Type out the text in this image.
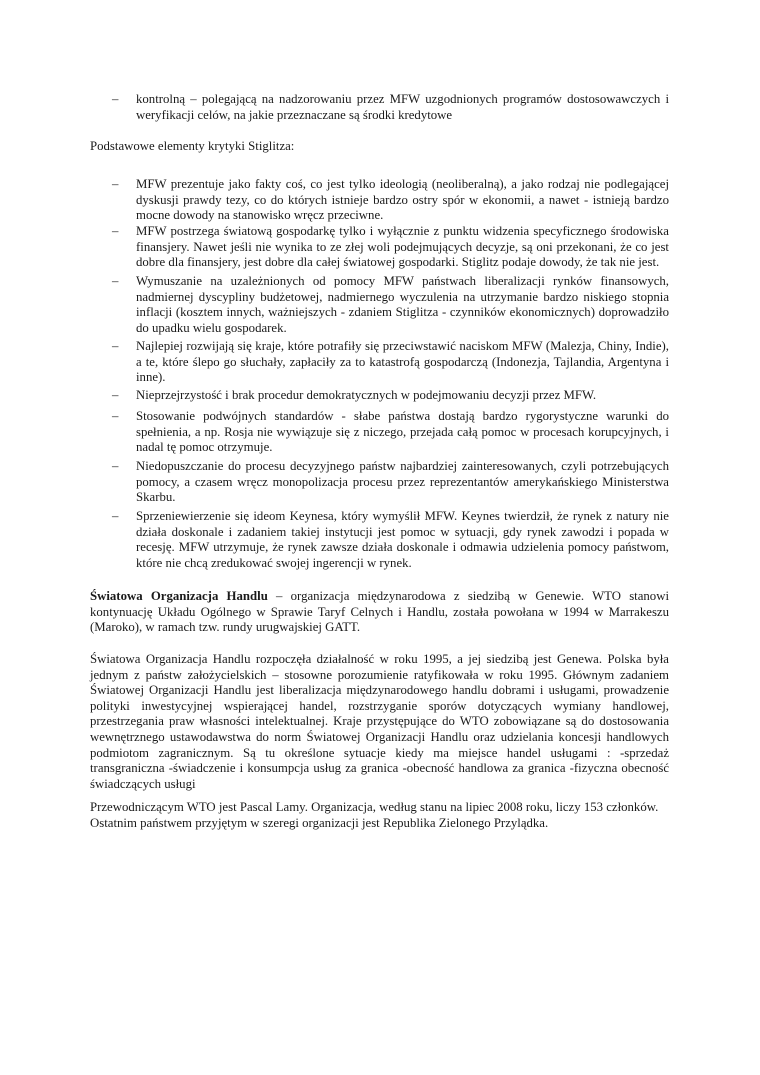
–	kontrolną – polegającą na nadzorowaniu przez MFW uzgodnionych programów dostosowawczych i weryfikacji celów, na jakie przeznaczane są środki kredytowe
Podstawowe elementy krytyki Stiglitza:
–	MFW prezentuje jako fakty coś, co jest tylko ideologią (neoliberalną), a jako rodzaj nie podlegającej dyskusji prawdy tezy, co do których istnieje bardzo ostry spór w ekonomii, a nawet - istnieją bardzo mocne dowody na stanowisko wręcz przeciwne.
–	MFW postrzega światową gospodarkę tylko i wyłącznie z punktu widzenia specyficznego środowiska finansjery. Nawet jeśli nie wynika to ze złej woli podejmujących decyzje, są oni przekonani, że co jest dobre dla finansjery, jest dobre dla całej światowej gospodarki. Stiglitz podaje dowody, że tak nie jest.
–	Wymuszanie na uzależnionych od pomocy MFW państwach liberalizacji rynków finansowych, nadmiernej dyscypliny budżetowej, nadmiernego wyczulenia na utrzymanie bardzo niskiego stopnia inflacji (kosztem innych, ważniejszych - zdaniem Stiglitza - czynników ekonomicznych) doprowadziło do upadku wielu gospodarek.
–	Najlepiej rozwijają się kraje, które potrafiły się przeciwstawić naciskom MFW (Malezja, Chiny, Indie), a te, które ślepo go słuchały, zapłaciły za to katastrofą gospodarczą (Indonezja, Tajlandia, Argentyna i inne).
–	Nieprzejrzystość i brak procedur demokratycznych w podejmowaniu decyzji przez MFW.
–	Stosowanie podwójnych standardów - słabe państwa dostają bardzo rygorystyczne warunki do spełnienia, a np. Rosja nie wywiązuje się z niczego, przejada całą pomoc w procesach korupcyjnych, i nadal tę pomoc otrzymuje.
–	Niedopuszczanie do procesu decyzyjnego państw najbardziej zainteresowanych, czyli potrzebujących pomocy, a czasem wręcz monopolizacja procesu przez reprezentantów amerykańskiego Ministerstwa Skarbu.
–	Sprzeniewierzenie się ideom Keynesa, który wymyślił MFW. Keynes twierdził, że rynek z natury nie działa doskonale i zadaniem takiej instytucji jest pomoc w sytuacji, gdy rynek zawodzi i popada w recesję. MFW utrzymuje, że rynek zawsze działa doskonale i odmawia udzielenia pomocy państwom, które nie chcą zredukować swojej ingerencji w rynek.
Światowa Organizacja Handlu – organizacja międzynarodowa z siedzibą w Genewie. WTO stanowi kontynuację Układu Ogólnego w Sprawie Taryf Celnych i Handlu, została powołana w 1994 w Marrakeszu (Maroko), w ramach tzw. rundy urugwajskiej GATT.
Światowa Organizacja Handlu rozpoczęła działalność w roku 1995, a jej siedzibą jest Genewa. Polska była jednym z państw założycielskich – stosowne porozumienie ratyfikowała w roku 1995. Głównym zadaniem Światowej Organizacji Handlu jest liberalizacja międzynarodowego handlu dobrami i usługami, prowadzenie polityki inwestycyjnej wspierającej handel, rozstrzyganie sporów dotyczących wymiany handlowej, przestrzegania praw własności intelektualnej. Kraje przystępujące do WTO zobowiązane są do dostosowania wewnętrznego ustawodawstwa do norm Światowej Organizacji Handlu oraz udzielania koncesji handlowych podmiotom zagranicznym. Są tu określone sytuacje kiedy ma miejsce handel usługami : -sprzedaż transgraniczna -świadczenie i konsumpcja usług za granica -obecność handlowa za granica -fizyczna obecność świadczących usługi
Przewodniczącym WTO jest Pascal Lamy. Organizacja, według stanu na lipiec 2008 roku, liczy 153 członków. Ostatnim państwem przyjętym w szeregi organizacji jest Republika Zielonego Przylądka.
